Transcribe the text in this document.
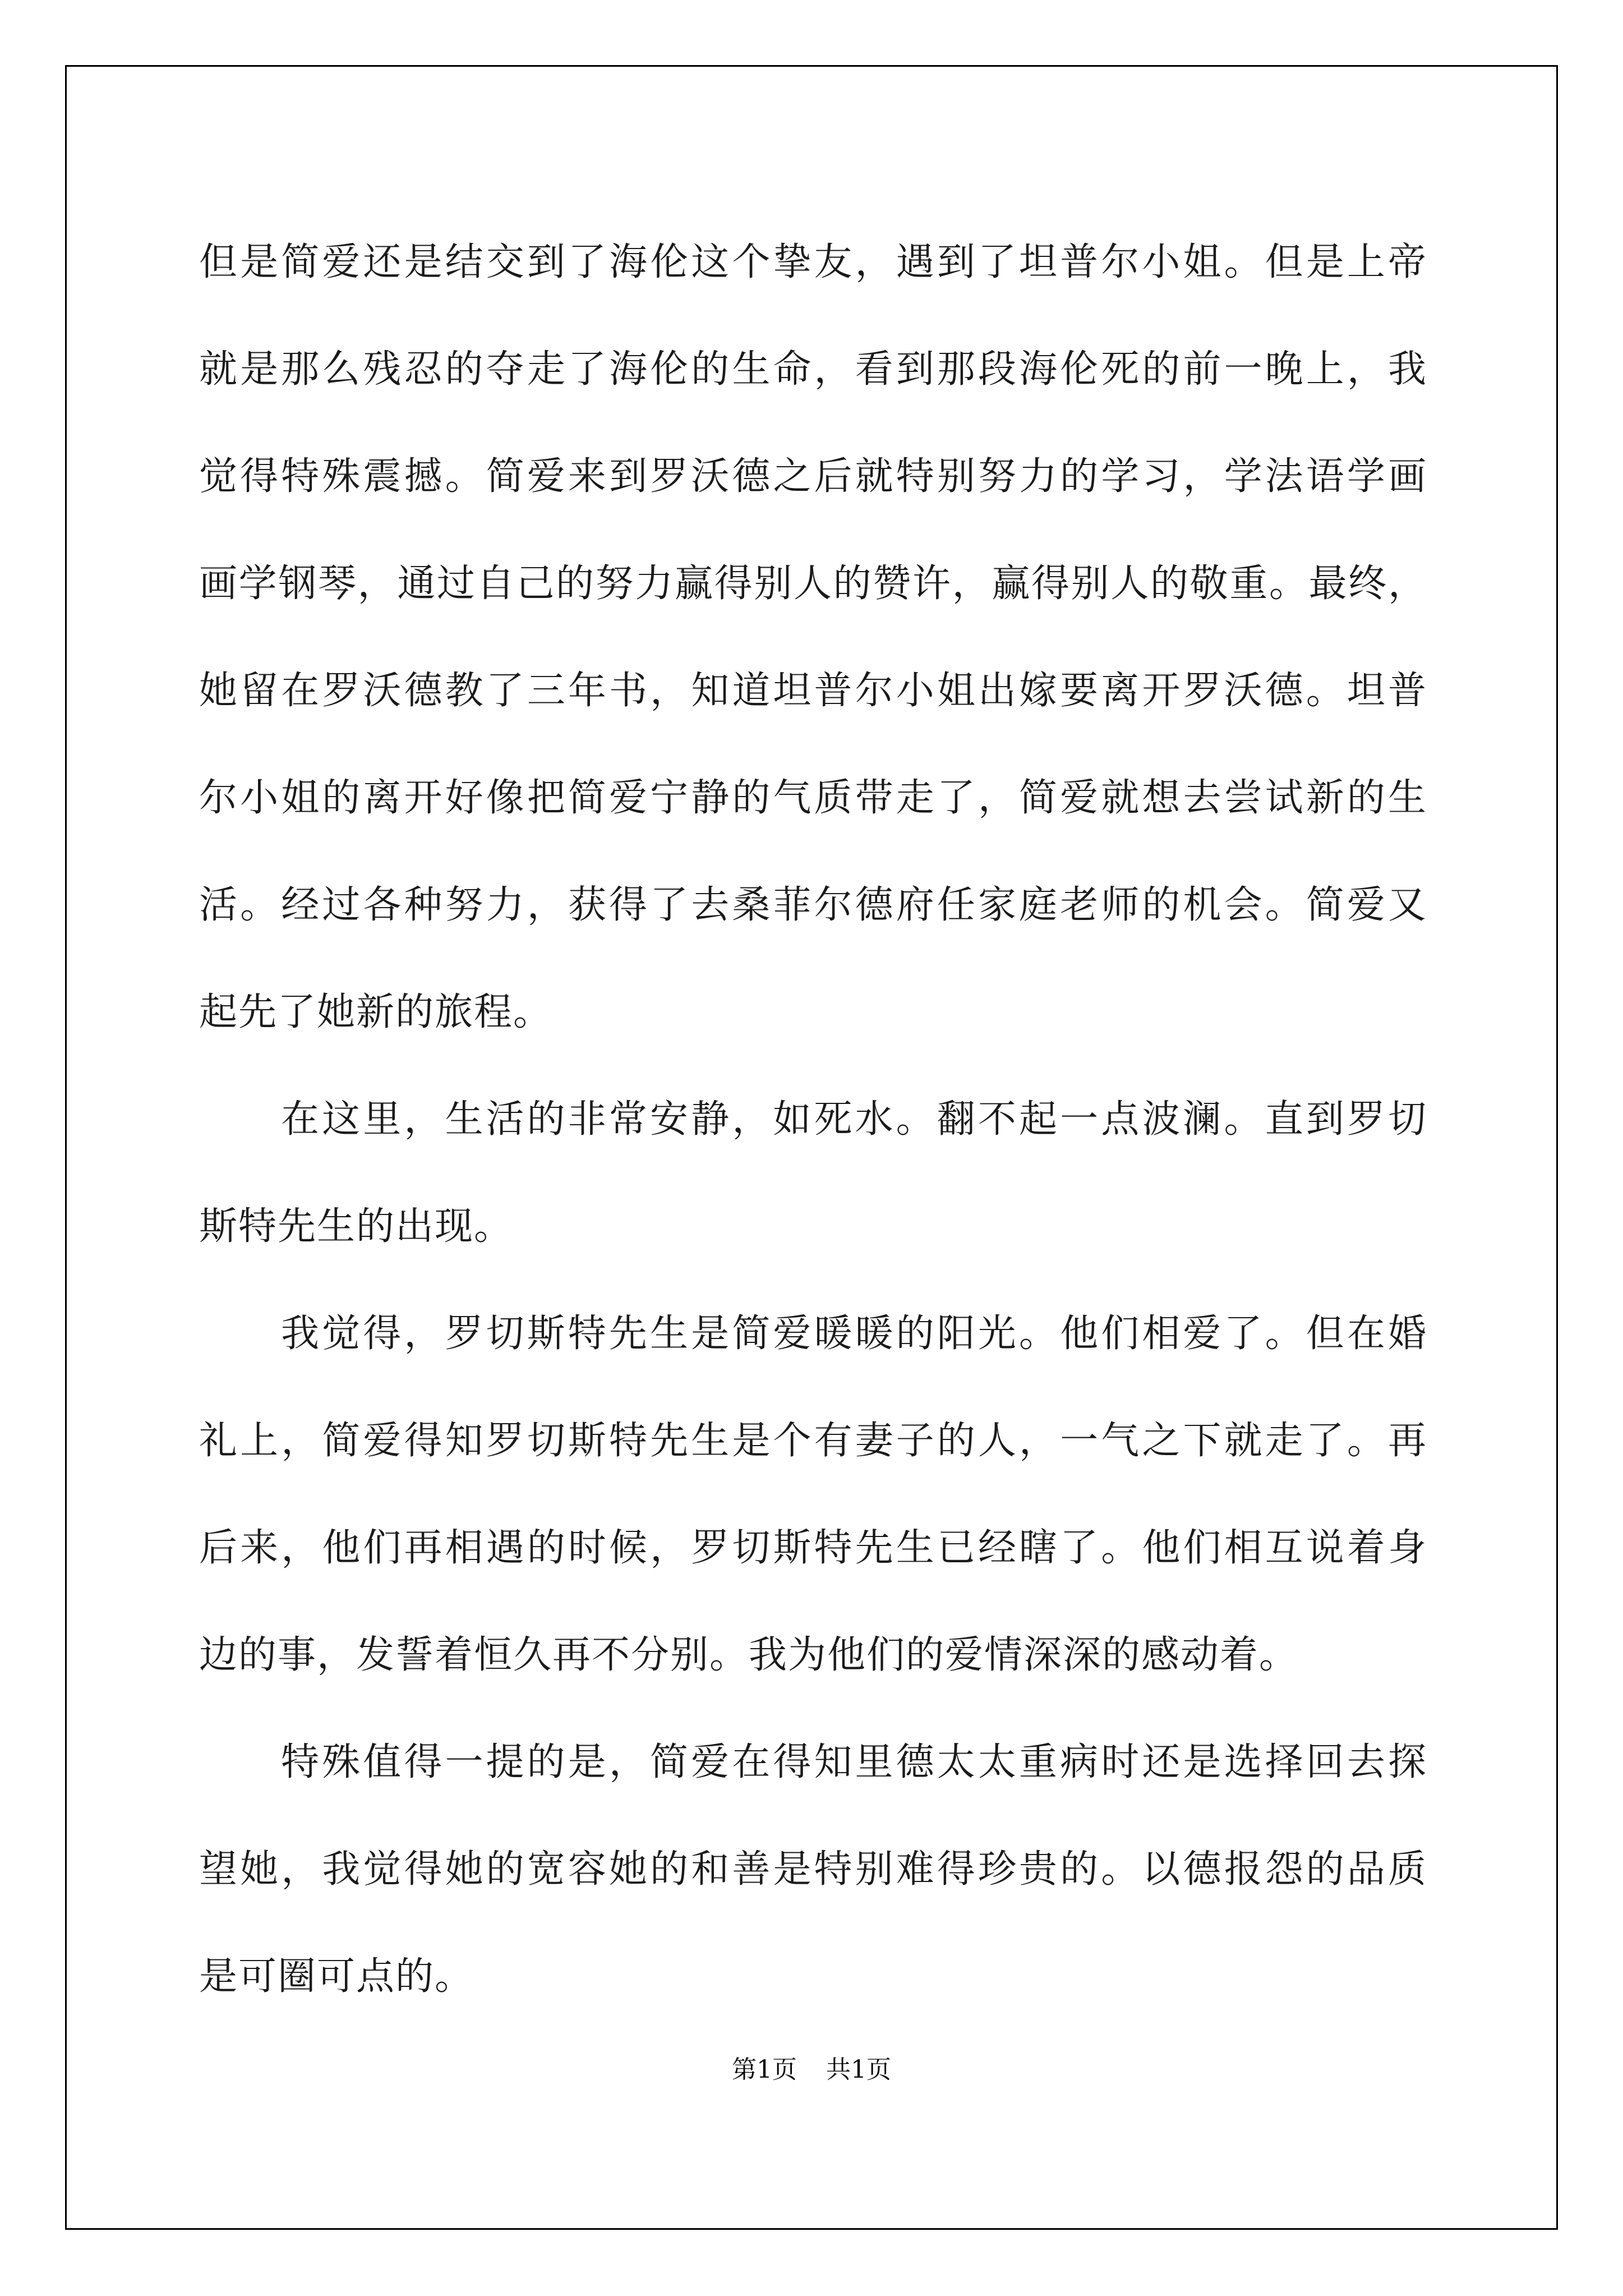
但是简爱还是结交到了海伦这个挚友，遇到了坦普尔小姐。但是上帝
就是那么残忍的夺走了海伦的生命，看到那段海伦死的前一晚上，我
觉得特殊震撼。简爱来到罗沃德之后就特别努力的学习，学法语学画
画学钢琴，通过自己的努力赢得别人的赞许，赢得别人的敬重。最终，
她留在罗沃德教了三年书，知道坦普尔小姐出嫁要离开罗沃德。坦普
尔小姐的离开好像把简爱宁静的气质带走了，简爱就想去尝试新的生
活。经过各种努力，获得了去桑菲尔德府任家庭老师的机会。简爱又
起先了她新的旅程。
在这里，生活的非常安静，如死水。翻不起一点波澜。直到罗切
斯特先生的出现。
我觉得，罗切斯特先生是简爱暖暖的阳光。他们相爱了。但在婚
礼上，简爱得知罗切斯特先生是个有妻子的人，一气之下就走了。再
后来，他们再相遇的时候，罗切斯特先生已经瞎了。他们相互说着身
边的事，发誓着恒久再不分别。我为他们的爱情深深的感动着。
特殊值得一提的是，简爱在得知里德太太重病时还是选择回去探
望她，我觉得她的宽容她的和善是特别难得珍贵的。以德报怨的品质
是可圈可点的。
第1页 共1页
